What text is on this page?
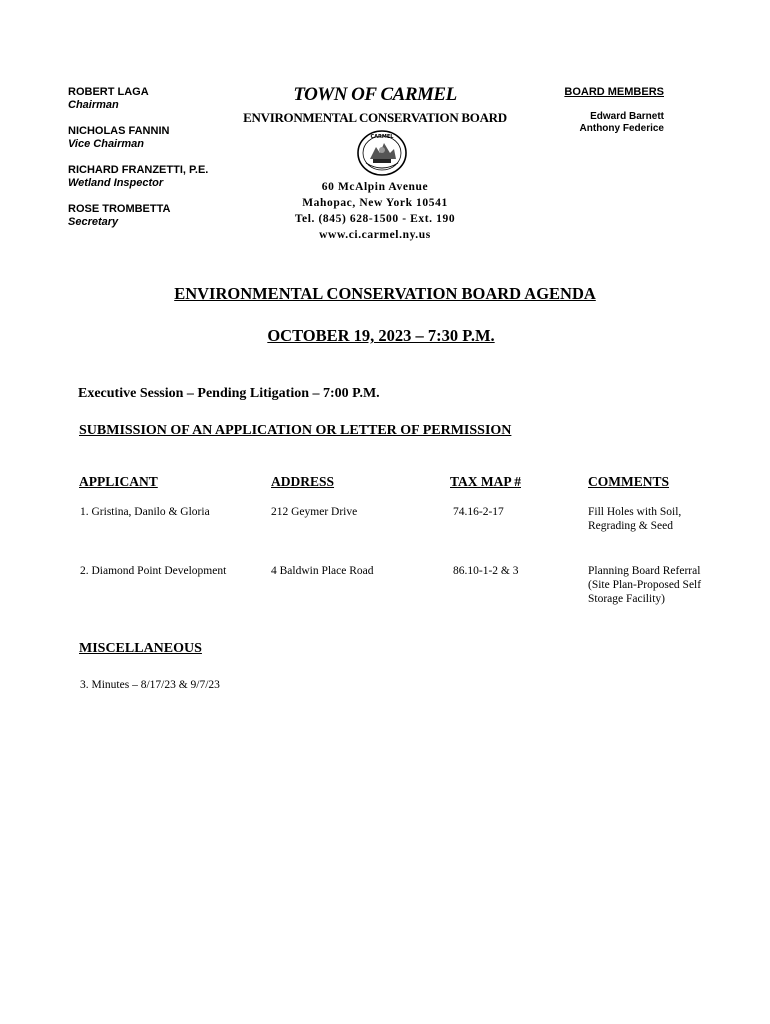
ROBERT LAGA
Chairman
NICHOLAS FANNIN
Vice Chairman
RICHARD FRANZETTI, P.E.
Wetland Inspector
ROSE TROMBETTA
Secretary
TOWN OF CARMEL
ENVIRONMENTAL CONSERVATION BOARD
CARMEL
60 McAlpin Avenue
Mahopac, New York 10541
Tel. (845) 628-1500 - Ext. 190
www.ci.carmel.ny.us
BOARD MEMBERS
Edward Barnett
Anthony Federice
ENVIRONMENTAL CONSERVATION BOARD AGENDA
OCTOBER 19, 2023 – 7:30 P.M.
Executive Session – Pending Litigation – 7:00 P.M.
SUBMISSION OF AN APPLICATION OR LETTER OF PERMISSION
APPLICANT	ADDRESS	TAX MAP #	COMMENTS
1. Gristina, Danilo & Gloria	212 Geymer Drive	74.16-2-17	Fill Holes with Soil,
Regrading & Seed
2. Diamond Point Development	4 Baldwin Place Road	86.10-1-2 & 3	Planning Board Referral
(Site Plan-Proposed Self
Storage Facility)
MISCELLANEOUS
3. Minutes – 8/17/23 & 9/7/23
